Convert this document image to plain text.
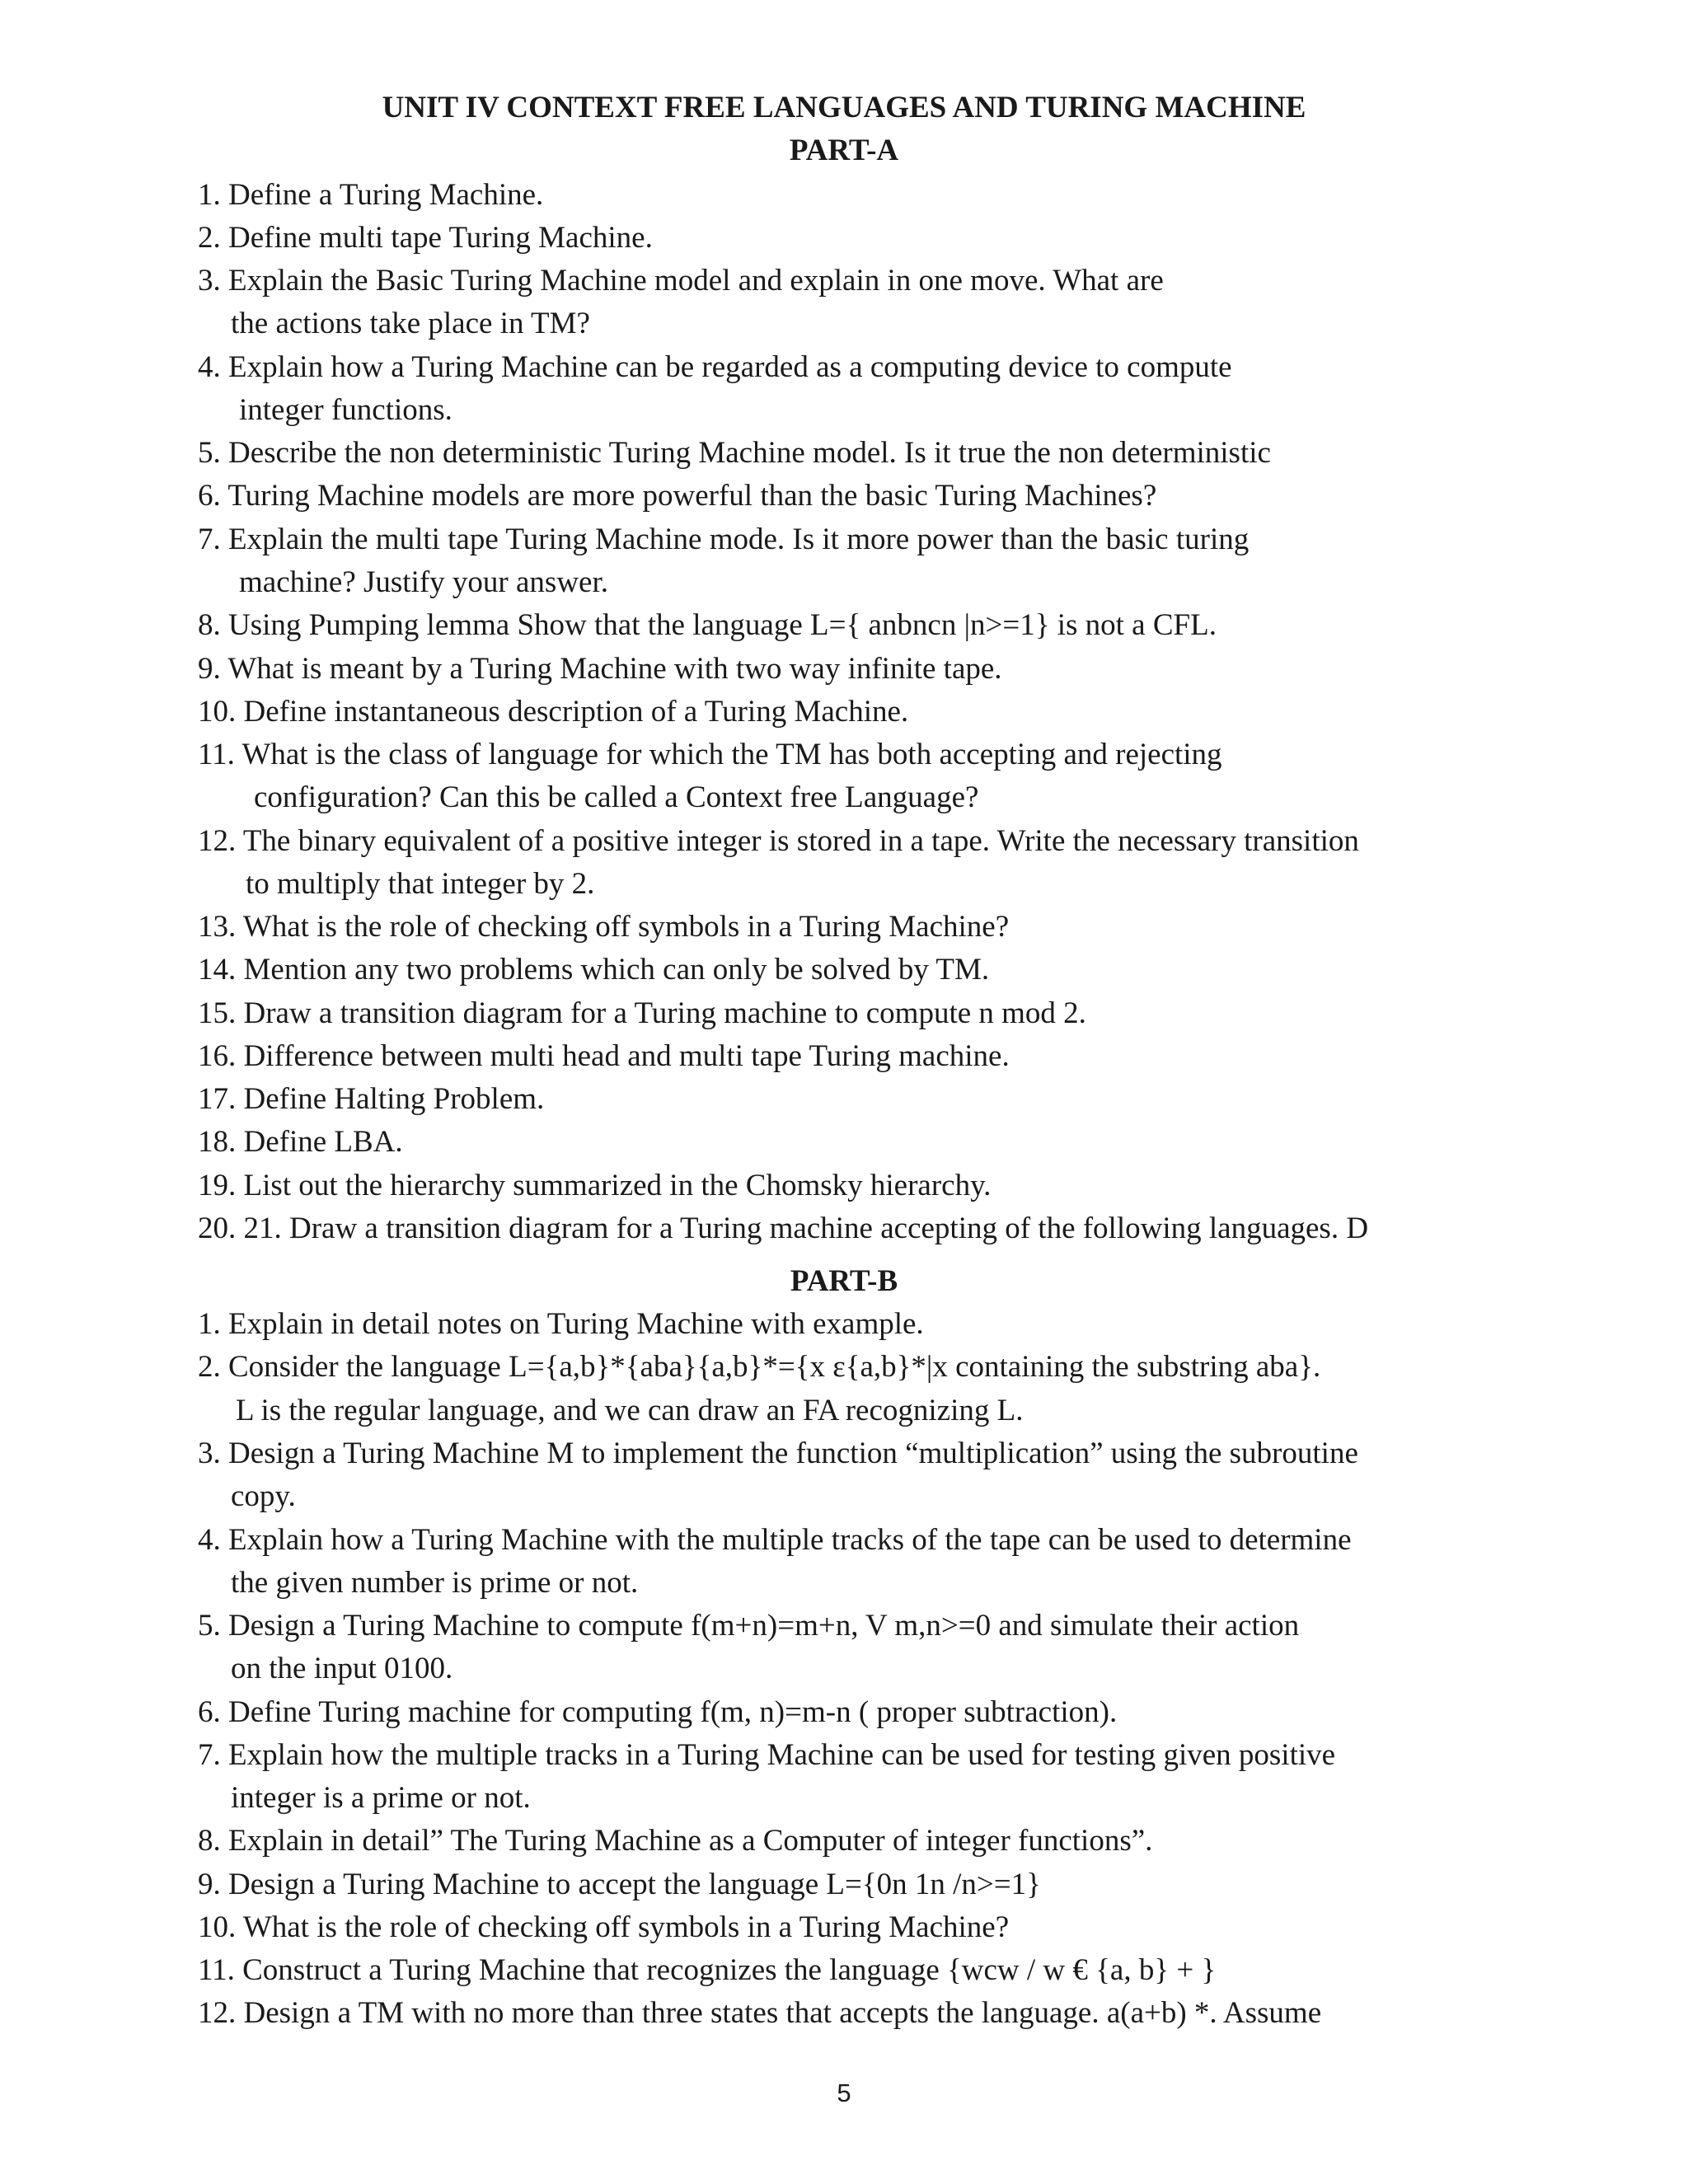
UNIT IV CONTEXT FREE LANGUAGES AND TURING MACHINE
PART-A
1. Define a Turing Machine.
2. Define multi tape Turing Machine.
3. Explain the Basic Turing Machine model and explain in one move. What are
the actions take place in TM?
4. Explain how a Turing Machine can be regarded as a computing device to compute
integer functions.
5. Describe the non deterministic Turing Machine model. Is it true the non deterministic
6. Turing Machine models are more powerful than the basic Turing Machines?
7. Explain the multi tape Turing Machine mode. Is it more power than the basic turing
machine? Justify your answer.
8. Using Pumping lemma Show that the language L={ anbncn |n>=1} is not a CFL.
9. What is meant by a Turing Machine with two way infinite tape.
10. Define instantaneous description of a Turing Machine.
11. What is the class of language for which the TM has both accepting and rejecting
configuration? Can this be called a Context free Language?
12. The binary equivalent of a positive integer is stored in a tape. Write the necessary transition
to multiply that integer by 2.
13. What is the role of checking off symbols in a Turing Machine?
14. Mention any two problems which can only be solved by TM.
15. Draw a transition diagram for a Turing machine to compute n mod 2.
16. Difference between multi head and multi tape Turing machine.
17. Define Halting Problem.
18. Define LBA.
19. List out the hierarchy summarized in the Chomsky hierarchy.
20. 21. Draw a transition diagram for a Turing machine accepting of the following languages. D
PART-B
1. Explain in detail notes on Turing Machine with example.
2. Consider the language L={a,b}*{aba}{a,b}*={x ε{a,b}*|x containing the substring aba}.
L is the regular language, and we can draw an FA recognizing L.
3. Design a Turing Machine M to implement the function “multiplication” using the subroutine
copy.
4. Explain how a Turing Machine with the multiple tracks of the tape can be used to determine
the given number is prime or not.
5. Design a Turing Machine to compute f(m+n)=m+n, V m,n>=0 and simulate their action
on the input 0100.
6. Define Turing machine for computing f(m, n)=m-n ( proper subtraction).
7. Explain how the multiple tracks in a Turing Machine can be used for testing given positive
integer is a prime or not.
8. Explain in detail” The Turing Machine as a Computer of integer functions”.
9. Design a Turing Machine to accept the language L={0n 1n /n>=1}
10. What is the role of checking off symbols in a Turing Machine?
11. Construct a Turing Machine that recognizes the language {wcw / w € {a, b} + }
12. Design a TM with no more than three states that accepts the language. a(a+b) *. Assume
5
